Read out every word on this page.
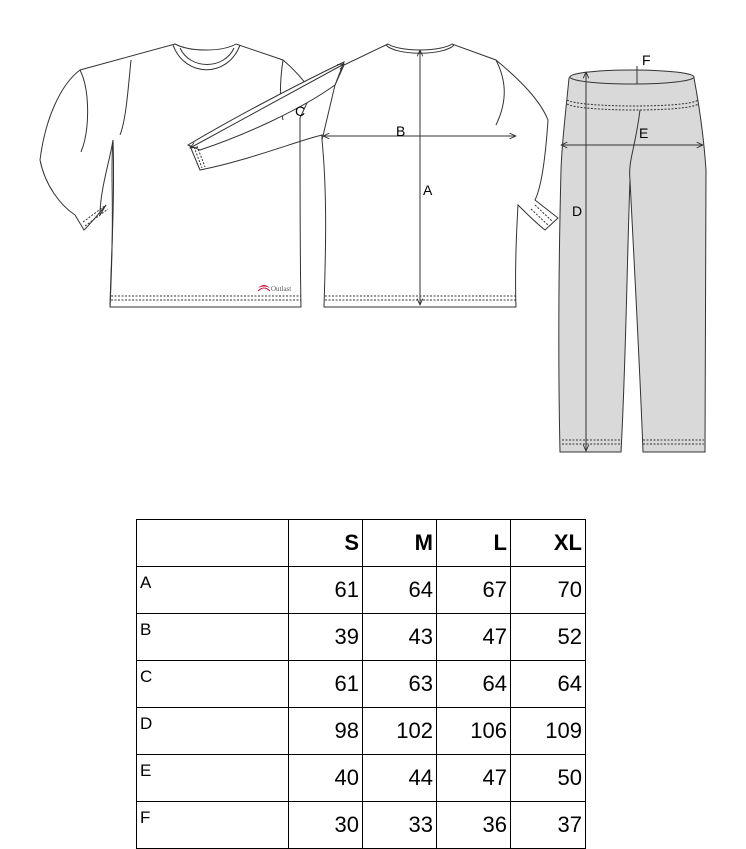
Outlast
A
B
C
D
E
F
	S	M	L	XL
A	61	64	67	70
B	39	43	47	52
C	61	63	64	64
D	98	102	106	109
E	40	44	47	50
F	30	33	36	37
